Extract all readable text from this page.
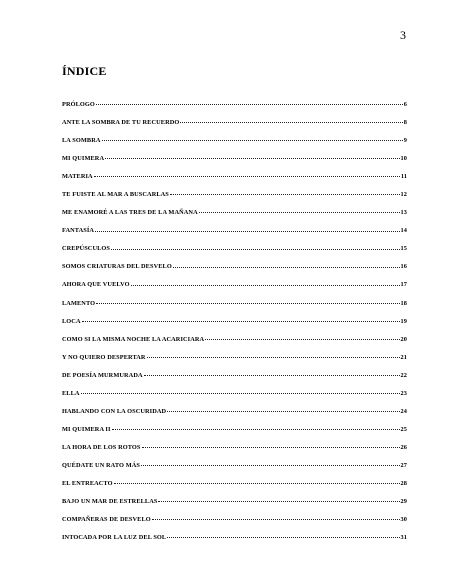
3
ÍNDICE
PRÓLOGO	6
ANTE LA SOMBRA DE TU RECUERDO	8
LA SOMBRA	9
MI QUIMERA	10
MATERIA	11
TE FUISTE AL MAR A BUSCARLAS	12
ME ENAMORÉ A LAS TRES DE LA MAÑANA	13
FANTASÍA	14
CREPÚSCULOS	15
SOMOS CRIATURAS DEL DESVELO	16
AHORA QUE VUELVO	17
LAMENTO	18
LOCA	19
COMO SI LA MISMA NOCHE LA ACARICIARA	20
Y NO QUIERO DESPERTAR	21
DE POESÍA MURMURADA	22
ELLA	23
HABLANDO CON LA OSCURIDAD	24
MI QUIMERA II	25
LA HORA DE LOS ROTOS	26
QUÉDATE UN RATO MÁS	27
EL ENTREACTO	28
BAJO UN MAR DE ESTRELLAS	29
COMPAÑERAS DE DESVELO	30
INTOCADA POR LA LUZ DEL SOL	31
